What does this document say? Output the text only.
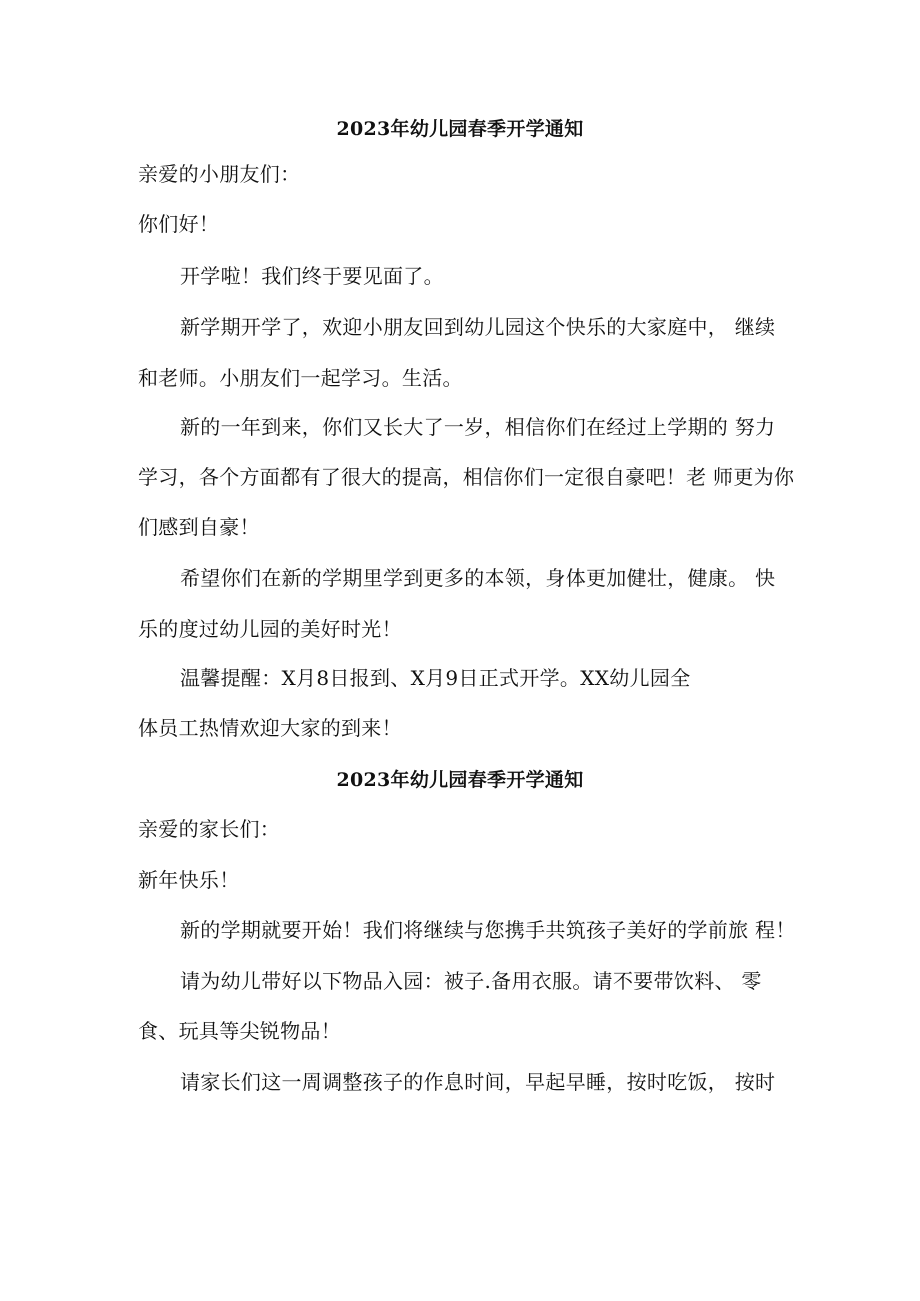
2023年幼儿园春季开学通知
亲爱的小朋友们：
你们好！
开学啦！我们终于要见面了。
新学期开学了，欢迎小朋友回到幼儿园这个快乐的大家庭中， 继续
和老师。小朋友们一起学习。生活。
新的一年到来，你们又长大了一岁，相信你们在经过上学期的 努力
学习，各个方面都有了很大的提高，相信你们一定很自豪吧！老 师更为你
们感到自豪！
希望你们在新的学期里学到更多的本领，身体更加健壮，健康。 快
乐的度过幼儿园的美好时光！
温馨提醒：X月8日报到、X月9日正式开学。XX幼儿园全
体员工热情欢迎大家的到来！
2023年幼儿园春季开学通知
亲爱的家长们：
新年快乐！
新的学期就要开始！我们将继续与您携手共筑孩子美好的学前旅 程！
请为幼儿带好以下物品入园：被子.备用衣服。请不要带饮料、 零
食、玩具等尖锐物品！
请家长们这一周调整孩子的作息时间，早起早睡，按时吃饭， 按时
